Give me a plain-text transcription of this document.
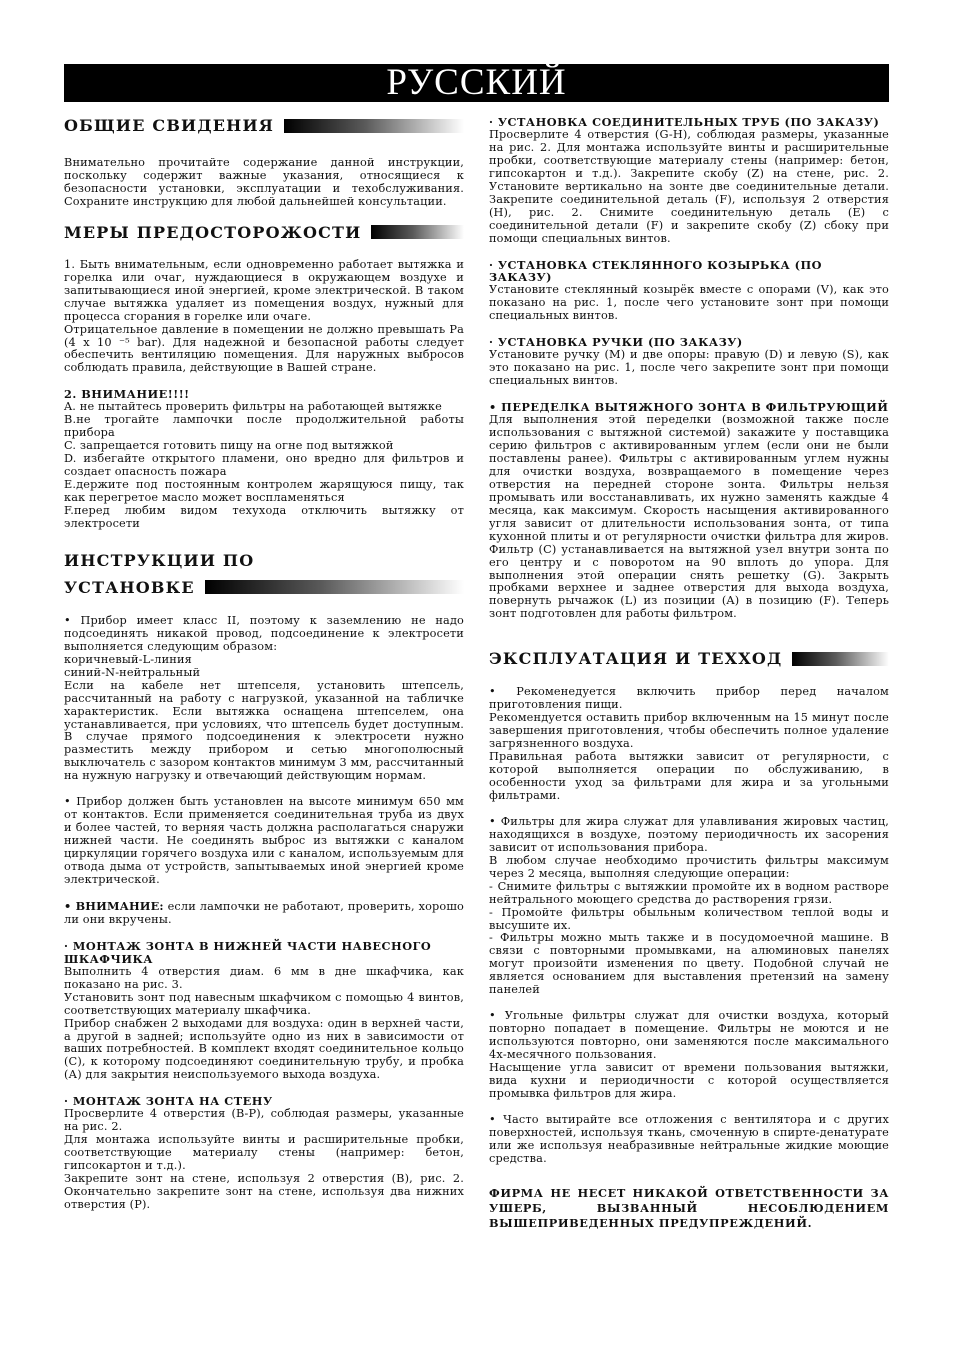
РУССКИЙ
ОБЩИЕ СВИДЕНИЯ

Внимательно прочитайте содержание данной инструкции, поскольку содержит важные указания, относящиеся к безопасности установки, эксплуатации и техобслуживания. Сохраните инструкцию для любой дальнейшей консультации.

МЕРЫ ПРЕДОСТОРОЖОСТИ

1. Быть внимательным, если одновременно работает вытяжка и горелка или очаг, нуждающиеся в окружающем воздухе и запитывающиеся иной энергией, кроме электрической. В таком случае вытяжка удаляет из помещения воздух, нужный для процесса сгорания в горелке или очаге.

Отрицательное давление в помещении не должно превышать Ра (4 х 10 ⁻⁵ bar). Для надежной и безопасной работы следует обеспечить вентиляцию помещения. Для наружных выбросов соблюдать правила, действующие в Вашей стране.

2. ВНИМАНИЕ!!!!

A. не пытайтесь проверить фильтры на работающей вытяжке

B.не трогайте лампочки после продолжительной работы прибора

C. запрещается готовить пищу на огне под вытяжкой

D. избегайте открытого пламени, оно вредно для фильтров и создает опасность пожара

E.держите под постоянным контролем жарящуюся пищу, так как перегретое масло может воспламеняться

F.перед любим видом техухода отключить вытяжку от электросети

ИНСТРУКЦИИ ПО
УСТАНОВКЕ

• Прибор имеет класс II, поэтому к заземлению не надо подсоединять никакой провод, подсоединение к электросети выполняется следующим образом:

коричневый-L-линия

синий-N-нейтральный

Если на кабеле нет штепселя, установить штепсель, рассчитанный на работу с нагрузкой, указанной на табличке характеристик. Если вытяжка оснащена штепселем, она устанавливается, при условиях, что штепсель будет доступным. В случае прямого подсоединения к электросети нужно разместить между прибором и сетью многополюсный выключатель с зазором контактов минимум 3 мм, рассчитанный на нужную нагрузку и отвечающий действующим нормам.

• Прибор должен быть установлен на высоте минимум 650 мм от контактов. Если применяется соединительная труба из двух и более частей, то верняя часть должна располагаться снаружи нижней части. Не соединять выброс из вытяжки с каналом циркуляции горячего воздуха или с каналом, используемым для отвода дыма от устройств, запытываемых иной энергией кроме электрической.

• ВНИМАНИЕ: если лампочки не работают, проверить, хорошо ли они вкручены.
· МОНТАЖ ЗОНТА В НИЖНЕЙ ЧАСТИ НАВЕСНОГО ШКАФЧИКА

Выполнить 4 отверстия диам. 6 мм в дне шкафчика, как показано на рис. 3.

Установить зонт под навесным шкафчиком с помощью 4 винтов, соответствующих материалу шкафчика.

Прибор снабжен 2 выходами для воздуха: один в верхней части, а другой в задней; используйте одно из них в зависимости от ваших потребностей. В комплект входят соединительное кольцо (С), к которому подсоединяют соединительную трубу, и пробка (А) для закрытия неиспользуемого выхода воздуха.

· МОНТАЖ ЗОНТА НА СТЕНУ

Просверлите 4 отверстия (В-Р), соблюдая размеры, указанные на рис. 2.

Для монтажа используйте винты и расширительные пробки, соответствующие материалу стены (например: бетон, гипсокартон и т.д.).

Закрепите зонт на стене, используя 2 отверстия (В), рис. 2. Окончательно закрепите зонт на стене, используя два нижних отверстия (Р).

· УСТАНОВКА СОЕДИНИТЕЛЬНЫХ ТРУБ (ПО ЗАКАЗУ)

Просверлите 4 отверстия (G-H), соблюдая размеры, указанные на рис. 2. Для монтажа используйте винты и расширительные пробки, соответствующие материалу стены (например: бетон, гипсокартон и т.д.). Закрепите скобу (Z) на стене, рис. 2. Установите вертикально на зонте две соединительные детали. Закрепите соединительной деталь (F), используя 2 отверстия (Н), рис. 2. Снимите соединительную деталь (Е) с соединительной детали (F) и закрепите скобу (Z) сбоку при помощи специальных винтов.

· УСТАНОВКА СТЕКЛЯННОГО КОЗЫРЬКА (ПО ЗАКАЗУ)

Установите стеклянный козырёк вместе с опорами (V), как это показано на рис. 1, после чего установите зонт при помощи специальных винтов.

· УСТАНОВКА РУЧКИ (ПО ЗАКАЗУ)

Установите ручку (М) и две опоры: правую (D) и левую (S), как это показано на рис. 1, после чего закрепите зонт при помощи специальных винтов.

• ПЕРЕДЕЛКА ВЫТЯЖНОГО ЗОНТА В ФИЛЬТРУЮЩИЙ

Для выполнения этой переделки (возможной также после использования с вытяжной системой) закажите у поставщика серию фильтров с активированным углем (если они не были поставлены ранее). Фильтры с активированным углем нужны для очистки воздуха, возвращаемого в помещение через отверстия на передней стороне зонта. Фильтры нельзя промывать или восстанавливать, их нужно заменять каждые 4 месяца, как максимум. Скорость насыщения активированного угля зависит от длительности использования зонта, от типа кухонной плиты и от регулярности очистки фильтра для жиров. Фильтр (С) устанавливается на вытяжной узел внутри зонта по его центру и с поворотом на 90 вплоть до упора. Для выполнения этой операции снять решетку (G). Закрыть пробками верхнее и заднее отверстия для выхода воздуха, повернуть рычажок (L) из позиции (A) в позицию (F). Теперь зонт подготовлен для работы фильтром.

ЭКСПЛУАТАЦИЯ И ТЕХХОД

• Рекоменедуется включить прибор перед началом приготовления пищи.

Рекомендуется оставить прибор включенным на 15 минут после завершения приготовления, чтобы обеспечить полное удаление загрязненного воздуха.

Правильная работа вытяжки зависит от регулярности, с которой выполняется операции по обслуживанию, в особенности уход за фильтрами для жира и за угольными фильтрами.

• Фильтры для жира служат для улавливания жировых частиц, находящихся в воздухе, поэтому периодичность их засорения зависит от использования прибора.

В любом случае необходимо прочистить фильтры максимум через 2 месяца, выполняя следующие операции:

- Снимите фильтры с вытяжкии промойте их в водном растворе нейтрального моющего средства до растворения грязи.

- Промойте фильтры обыльным количеством теплой воды и высушите их.

- Фильтры можно мыть также и в посудомоечной машине. В связи с повторными промывками, на алюминовых панелях могут произойти изменения по цвету. Подобной случай не является основанием для выставления претензий на замену панелей

• Угольные фильтры служат для очистки воздуха, который повторно попадает в помещение. Фильтры не моются и не используются повторно, они заменяются после максимального 4х-месячного пользования.

Насыщение угла зависит от времени пользования вытяжки, вида кухни и периодичности с которой осуществляется промывка фильтров для жира.

• Часто вытирайте все отложения с вентилятора и с других поверхностей, используя ткань, смоченную в спирте-денатурате или же используя неабразивные нейтральные жидкие моющие средства.

ФИРМА НЕ НЕСЕТ НИКАКОЙ ОТВЕТСТВЕННОСТИ ЗА УШЕРБ, ВЫЗВАННЫЙ НЕСОБЛЮДЕНИЕМ ВЫШЕПРИВЕДЕННЫХ ПРЕДУПРЕЖДЕНИЙ.
